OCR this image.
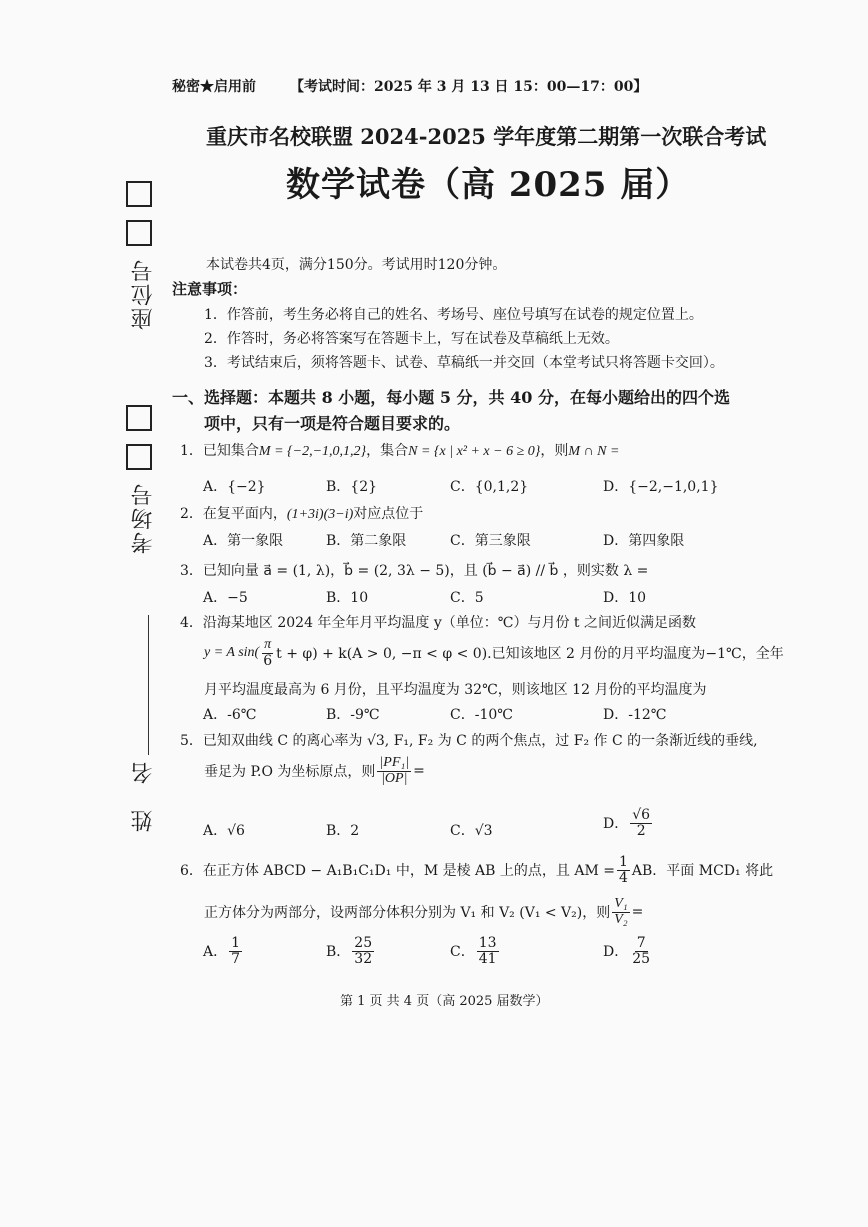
秘密★启用前 【考试时间：2025 年 3 月 13 日 15：00—17：00】
重庆市名校联盟 2024-2025 学年度第二期第一次联合考试
数学试卷（高 2025 届）
座位号
考场号
姓　名
本试卷共4页，满分150分。考试用时120分钟。
注意事项：
1．作答前，考生务必将自己的姓名、考场号、座位号填写在试卷的规定位置上。
2．作答时，务必将答案写在答题卡上，写在试卷及草稿纸上无效。
3．考试结束后，须将答题卡、试卷、草稿纸一并交回（本堂考试只将答题卡交回）。
一、选择题：本题共 8 小题，每小题 5 分，共 40 分，在每小题给出的四个选
项中，只有一项是符合题目要求的。
1．已知集合M = {−2,−1,0,1,2}，集合N = {x | x² + x − 6 ≥ 0}，则M ∩ N =
A．{−2}	B．{2}	C．{0,1,2}	D．{−2,−1,0,1}
2．在复平面内，(1+3i)(3−i)对应点位于
A．第一象限	B．第二象限	C．第三象限	D．第四象限
3．已知向量 a⃗ = (1, λ)，b⃗ = (2, 3λ − 5)，且 (b⃗ − a⃗) // b⃗ ，则实数 λ =
A．−5	B．10	C．5	D．10
4．沿海某地区 2024 年全年月平均温度 y（单位：℃）与月份 t 之间近似满足函数
y = A $\sin( \frac{\pi}{6}$ t + φ) + k(A > 0, −π < φ < 0).已知该地区 2 月份的月平均温度为−1℃，全年
月平均温度最高为 6 月份，且平均温度为 32℃，则该地区 12 月份的平均温度为
A．-6℃	B．-9℃	C．-10℃	D．-12℃
5．已知双曲线 C 的离心率为 √3, F₁, F₂ 为 C 的两个焦点，过 F₂ 作 C 的一条渐近线的垂线,
垂足为 P.O 为坐标原点，则 $\frac{\text{|PF₁|}}{|OP|}$ =
A．√6	B．2	C．√3	D． $\frac{√6}{2}$
6．在正方体 ABCD − A₁B₁C₁D₁ 中，M 是棱 AB 上的点，且 AM = $\frac{1}{4}$ AB．平面 MCD₁ 将此
正方体分为两部分，设两部分体积分别为 V₁ 和 V₂ (V₁ < V₂)，则 $\frac{\text{V₁}}{\text{V₂}}$ =
A． $\frac{1}{7}$	B． $\frac{25}{32}$	C． $\frac{13}{41}$	D． $\frac{7}{25}$
第 1 页 共 4 页（高 2025 届数学）
